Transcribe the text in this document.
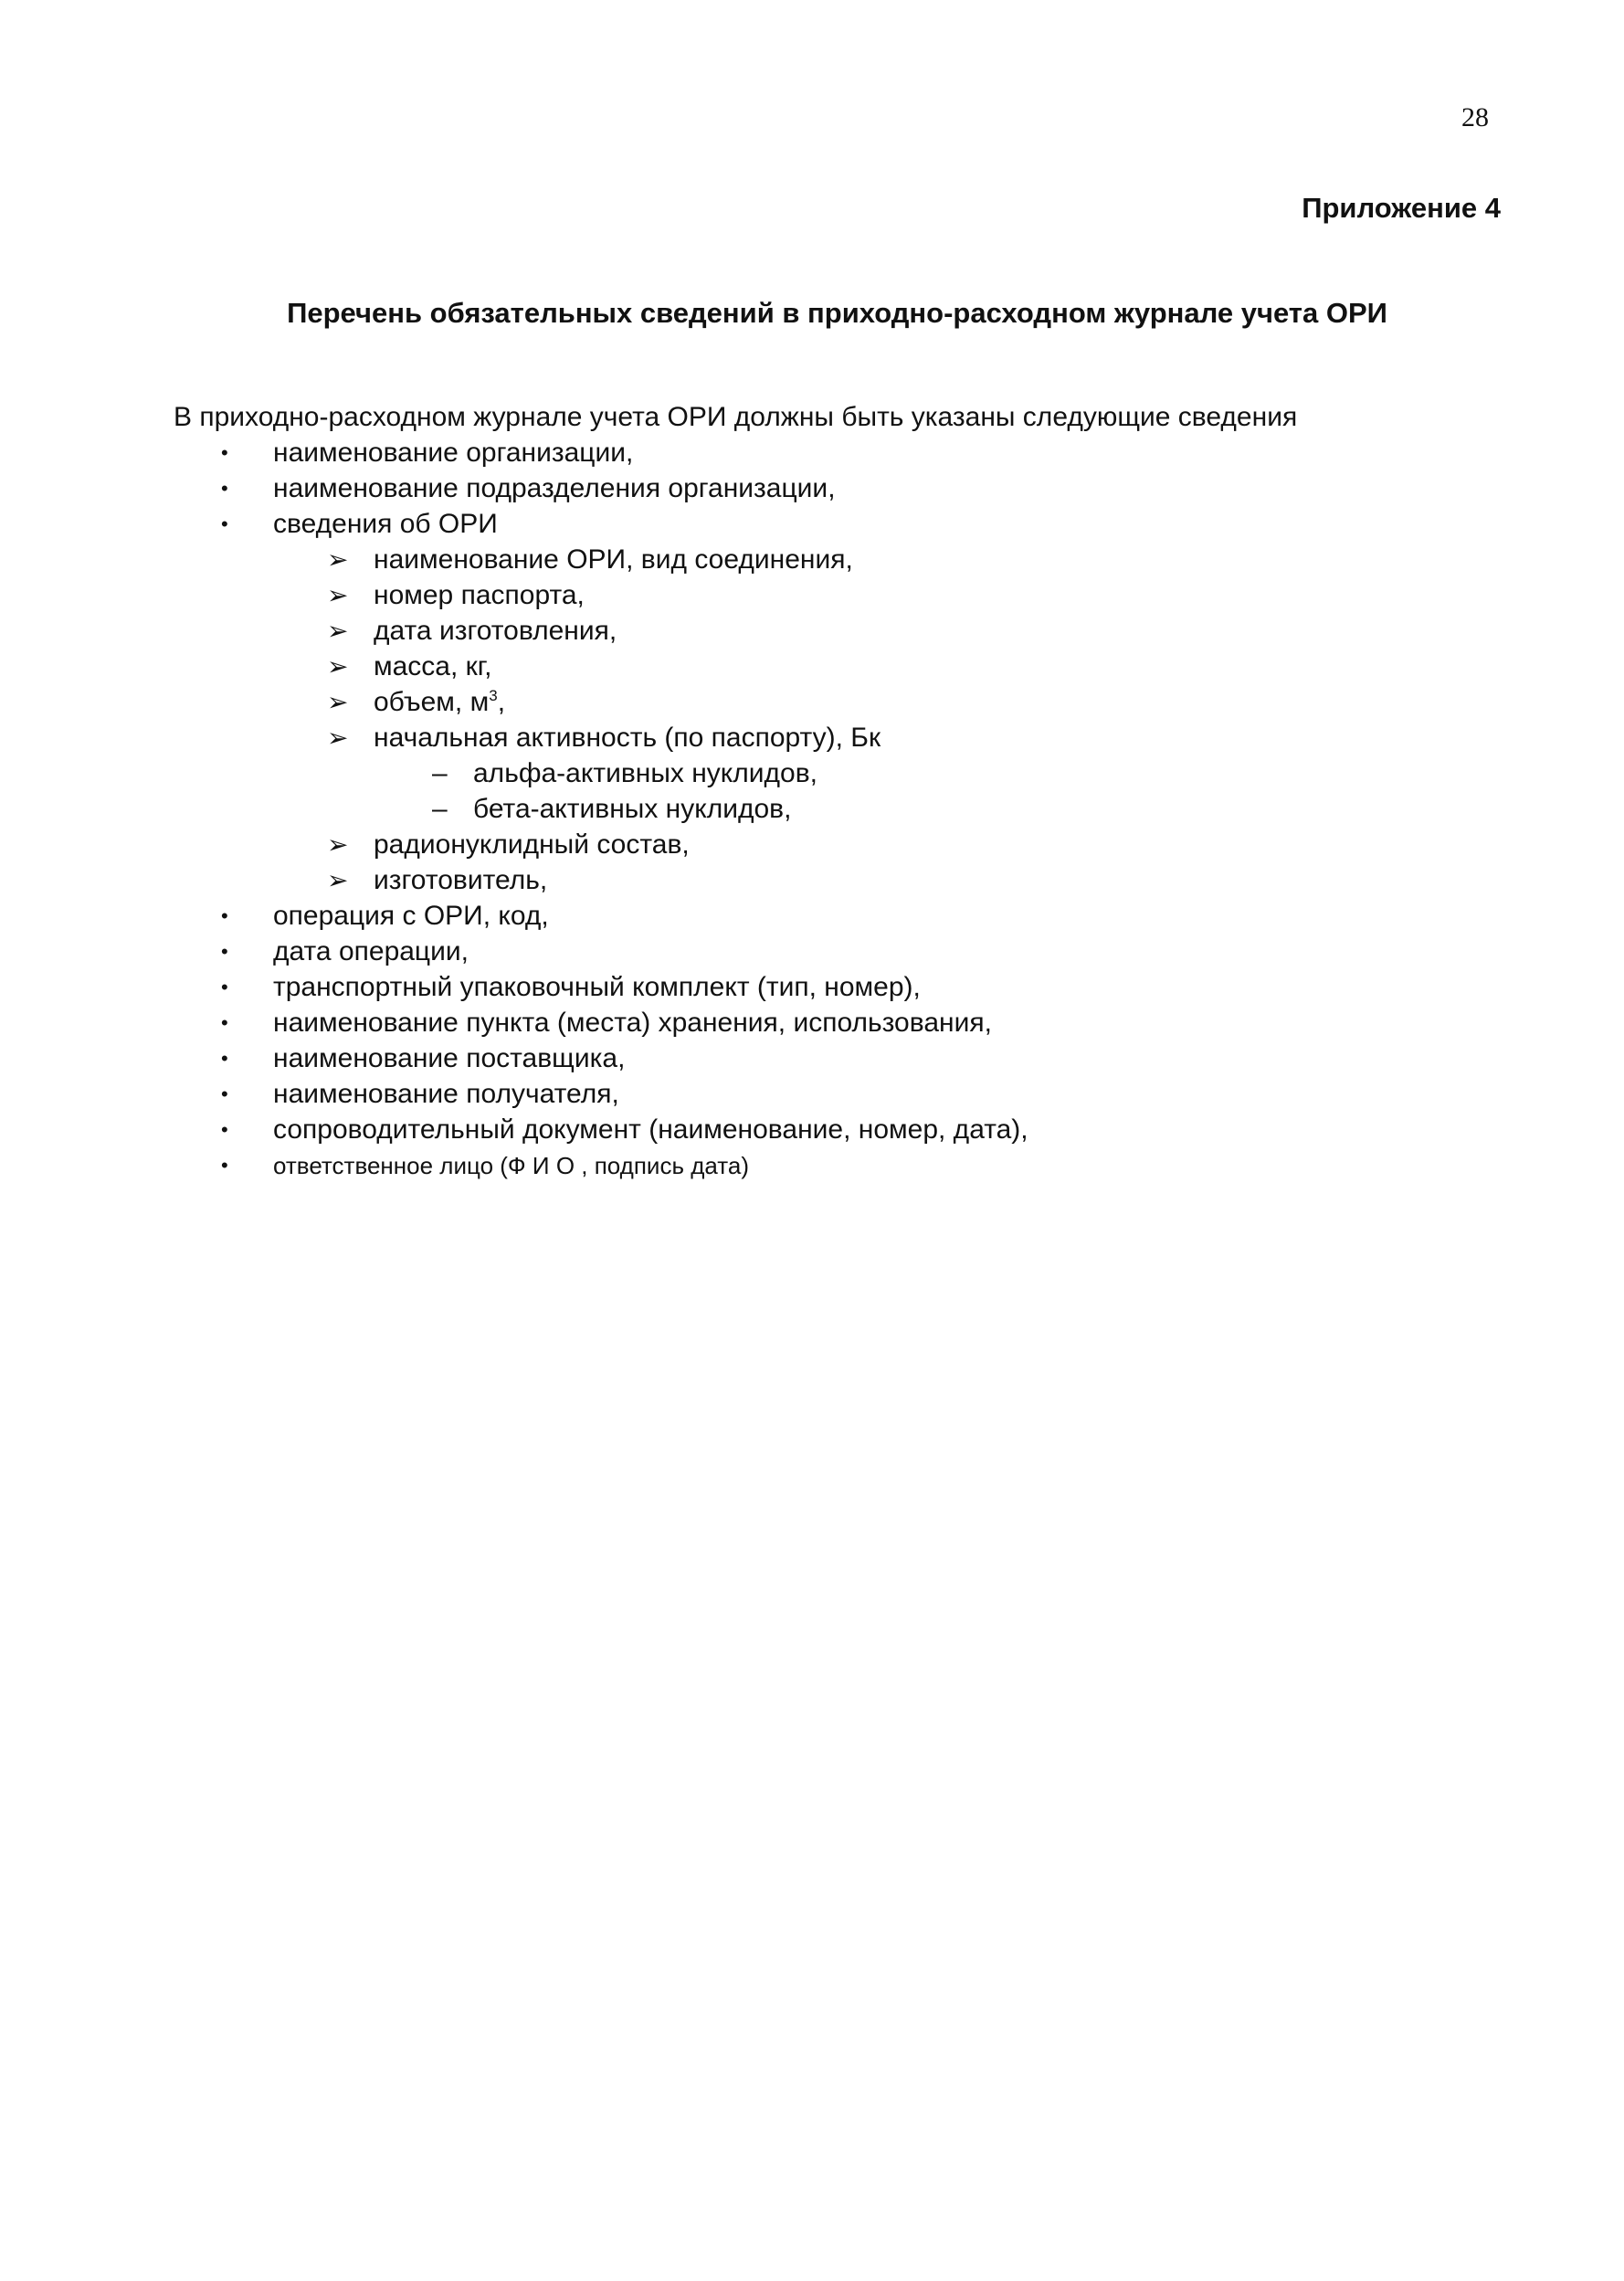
28
Приложение 4
Перечень обязательных сведений в приходно-расходном журнале учета ОРИ

В приходно-расходном журнале учета ОРИ должны быть указаны следующие сведения

• наименование организации,
• наименование подразделения организации,
• сведения об ОРИ
➢ наименование ОРИ, вид соединения,
➢ номер паспорта,
➢ дата изготовления,
➢ масса, кг,
➢ объем, $м^3$,
➢ начальная активность (по паспорту), Бк
– альфа-активных нуклидов,
– бета-активных нуклидов,
➢ радионуклидный состав,
➢ изготовитель,
• операция с ОРИ, код,
• дата операции,
• транспортный упаковочный комплект (тип, номер),
• наименование пункта (места) хранения, использования,
• наименование поставщика,
• наименование получателя,
• сопроводительный документ (наименование, номер, дата),
• ответственное лицо (Ф И О , подпись дата)
